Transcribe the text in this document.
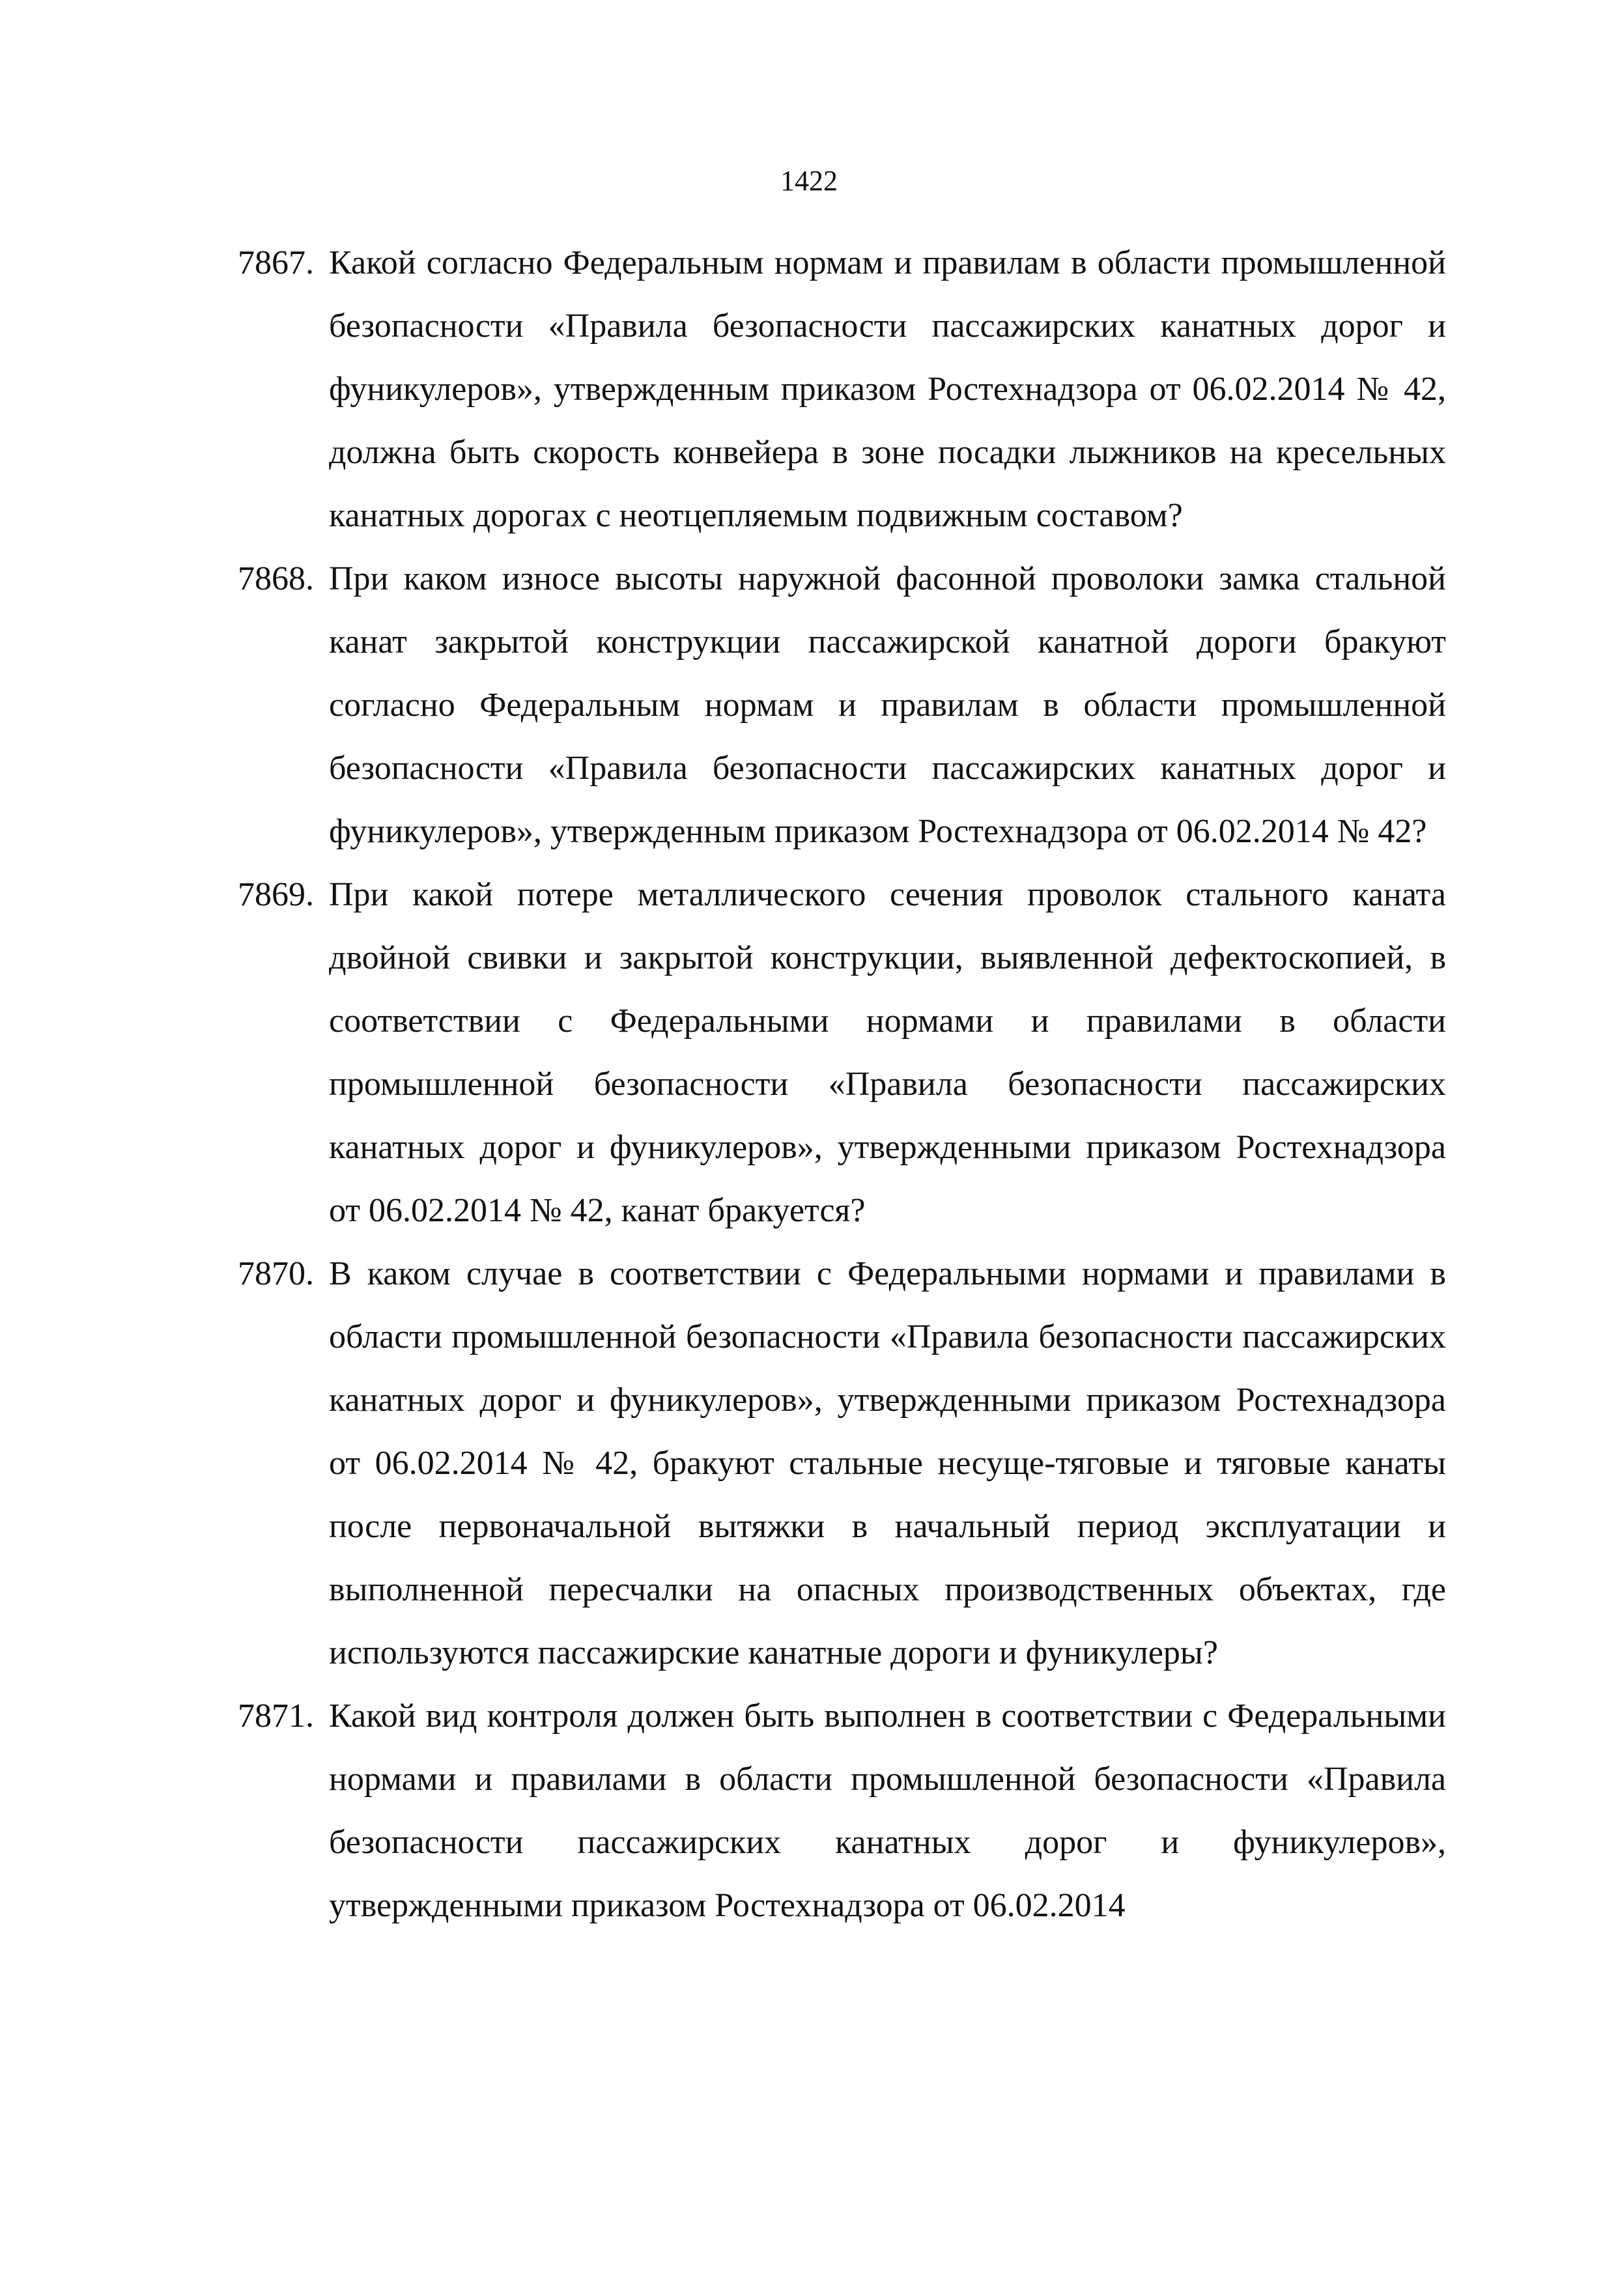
1422
7867. Какой согласно Федеральным нормам и правилам в области промышленной безопасности «Правила безопасности пассажирских канатных дорог и фуникулеров», утвержденным приказом Ростехнадзора от 06.02.2014 № 42, должна быть скорость конвейера в зоне посадки лыжников на кресельных канатных дорогах с неотцепляемым подвижным составом?
7868. При каком износе высоты наружной фасонной проволоки замка стальной канат закрытой конструкции пассажирской канатной дороги бракуют согласно Федеральным нормам и правилам в области промышленной безопасности «Правила безопасности пассажирских канатных дорог и фуникулеров», утвержденным приказом Ростехнадзора от 06.02.2014 № 42?
7869. При какой потере металлического сечения проволок стального каната двойной свивки и закрытой конструкции, выявленной дефектоскопией, в соответствии с Федеральными нормами и правилами в области промышленной безопасности «Правила безопасности пассажирских канатных дорог и фуникулеров», утвержденными приказом Ростехнадзора от 06.02.2014 № 42, канат бракуется?
7870. В каком случае в соответствии с Федеральными нормами и правилами в области промышленной безопасности «Правила безопасности пассажирских канатных дорог и фуникулеров», утвержденными приказом Ростехнадзора от 06.02.2014 № 42, бракуют стальные несуще-тяговые и тяговые канаты после первоначальной вытяжки в начальный период эксплуатации и выполненной пересчалки на опасных производственных объектах, где используются пассажирские канатные дороги и фуникулеры?
7871. Какой вид контроля должен быть выполнен в соответствии с Федеральными нормами и правилами в области промышленной безопасности «Правила безопасности пассажирских канатных дорог и фуникулеров», утвержденными приказом Ростехнадзора от 06.02.2014
